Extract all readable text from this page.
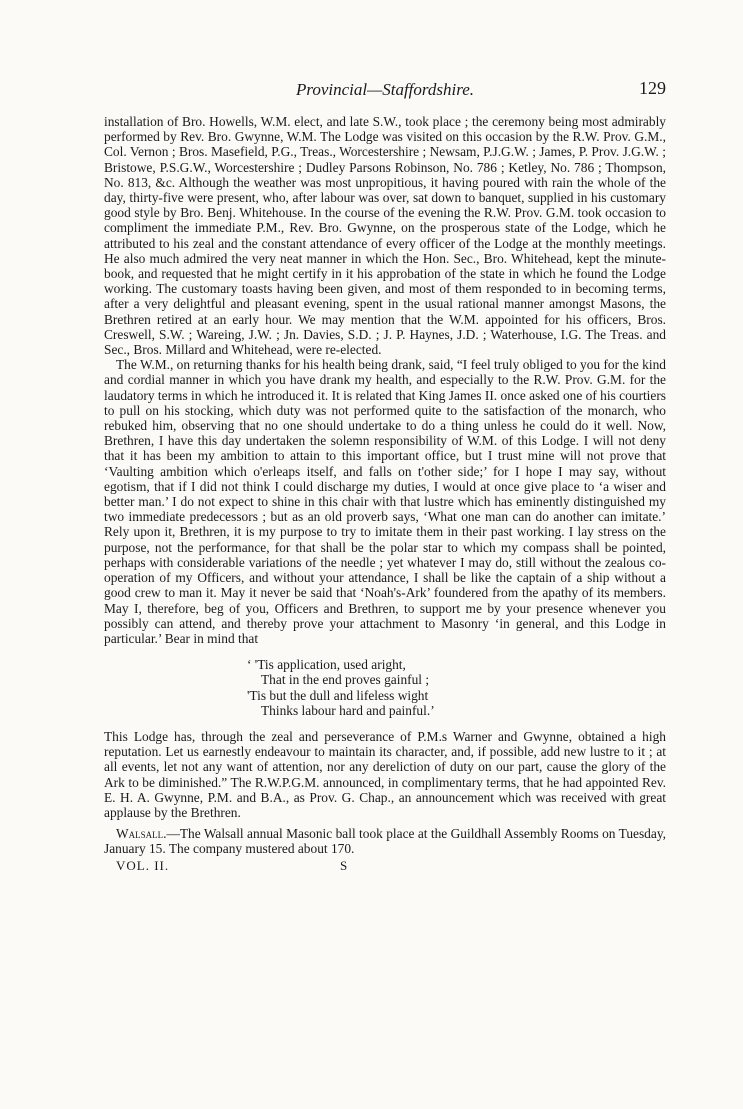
Provincial—Staffordshire.	129

installation of Bro. Howells, W.M. elect, and late S.W., took place ; the ceremony being most admirably performed by Rev. Bro. Gwynne, W.M. The Lodge was visited on this occasion by the R.W. Prov. G.M., Col. Vernon ; Bros. Masefield, P.G., Treas., Worcestershire ; Newsam, P.J.G.W. ; James, P. Prov. J.G.W. ; Bristowe, P.S.G.W., Worcestershire ; Dudley Parsons Robinson, No. 786 ; Ketley, No. 786 ; Thompson, No. 813, &c. Although the weather was most unpropitious, it having poured with rain the whole of the day, thirty-five were present, who, after labour was over, sat down to banquet, supplied in his customary good style by Bro. Benj. Whitehouse. In the course of the evening the R.W. Prov. G.M. took occasion to compliment the immediate P.M., Rev. Bro. Gwynne, on the prosperous state of the Lodge, which he attributed to his zeal and the constant attendance of every officer of the Lodge at the monthly meetings. He also much admired the very neat manner in which the Hon. Sec., Bro. Whitehead, kept the minute-book, and requested that he might certify in it his approbation of the state in which he found the Lodge working. The customary toasts having been given, and most of them responded to in becoming terms, after a very delightful and pleasant evening, spent in the usual rational manner amongst Masons, the Brethren retired at an early hour. We may mention that the W.M. appointed for his officers, Bros. Creswell, S.W. ; Wareing, J.W. ; Jn. Davies, S.D. ; J. P. Haynes, J.D. ; Waterhouse, I.G. The Treas. and Sec., Bros. Millard and Whitehead, were re-elected.

The W.M., on returning thanks for his health being drank, said, “I feel truly obliged to you for the kind and cordial manner in which you have drank my health, and especially to the R.W. Prov. G.M. for the laudatory terms in which he introduced it. It is related that King James II. once asked one of his courtiers to pull on his stocking, which duty was not performed quite to the satisfaction of the monarch, who rebuked him, observing that no one should undertake to do a thing unless he could do it well. Now, Brethren, I have this day undertaken the solemn responsibility of W.M. of this Lodge. I will not deny that it has been my ambition to attain to this important office, but I trust mine will not prove that ‘Vaulting ambition which o'erleaps itself, and falls on t'other side;’ for I hope I may say, without egotism, that if I did not think I could discharge my duties, I would at once give place to ‘a wiser and better man.’ I do not expect to shine in this chair with that lustre which has eminently distinguished my two immediate predecessors ; but as an old proverb says, ‘What one man can do another can imitate.’ Rely upon it, Brethren, it is my purpose to try to imitate them in their past working. I lay stress on the purpose, not the performance, for that shall be the polar star to which my compass shall be pointed, perhaps with considerable variations of the needle ; yet whatever I may do, still without the zealous co-operation of my Officers, and without your attendance, I shall be like the captain of a ship without a good crew to man it. May it never be said that ‘Noah's-Ark’ foundered from the apathy of its members. May I, therefore, beg of you, Officers and Brethren, to support me by your presence whenever you possibly can attend, and thereby prove your attachment to Masonry ‘in general, and this Lodge in particular.’ Bear in mind that

‘ 'Tis application, used aright,
That in the end proves gainful ;
'Tis but the dull and lifeless wight
Thinks labour hard and painful.’

This Lodge has, through the zeal and perseverance of P.M.s Warner and Gwynne, obtained a high reputation. Let us earnestly endeavour to maintain its character, and, if possible, add new lustre to it ; at all events, let not any want of attention, nor any dereliction of duty on our part, cause the glory of the Ark to be diminished.” The R.W.P.G.M. announced, in complimentary terms, that he had appointed Rev. E. H. A. Gwynne, P.M. and B.A., as Prov. G. Chap., an announcement which was received with great applause by the Brethren.

Walsall.—The Walsall annual Masonic ball took place at the Guildhall Assembly Rooms on Tuesday, January 15. The company mustered about 170.

VOL. II.	S
